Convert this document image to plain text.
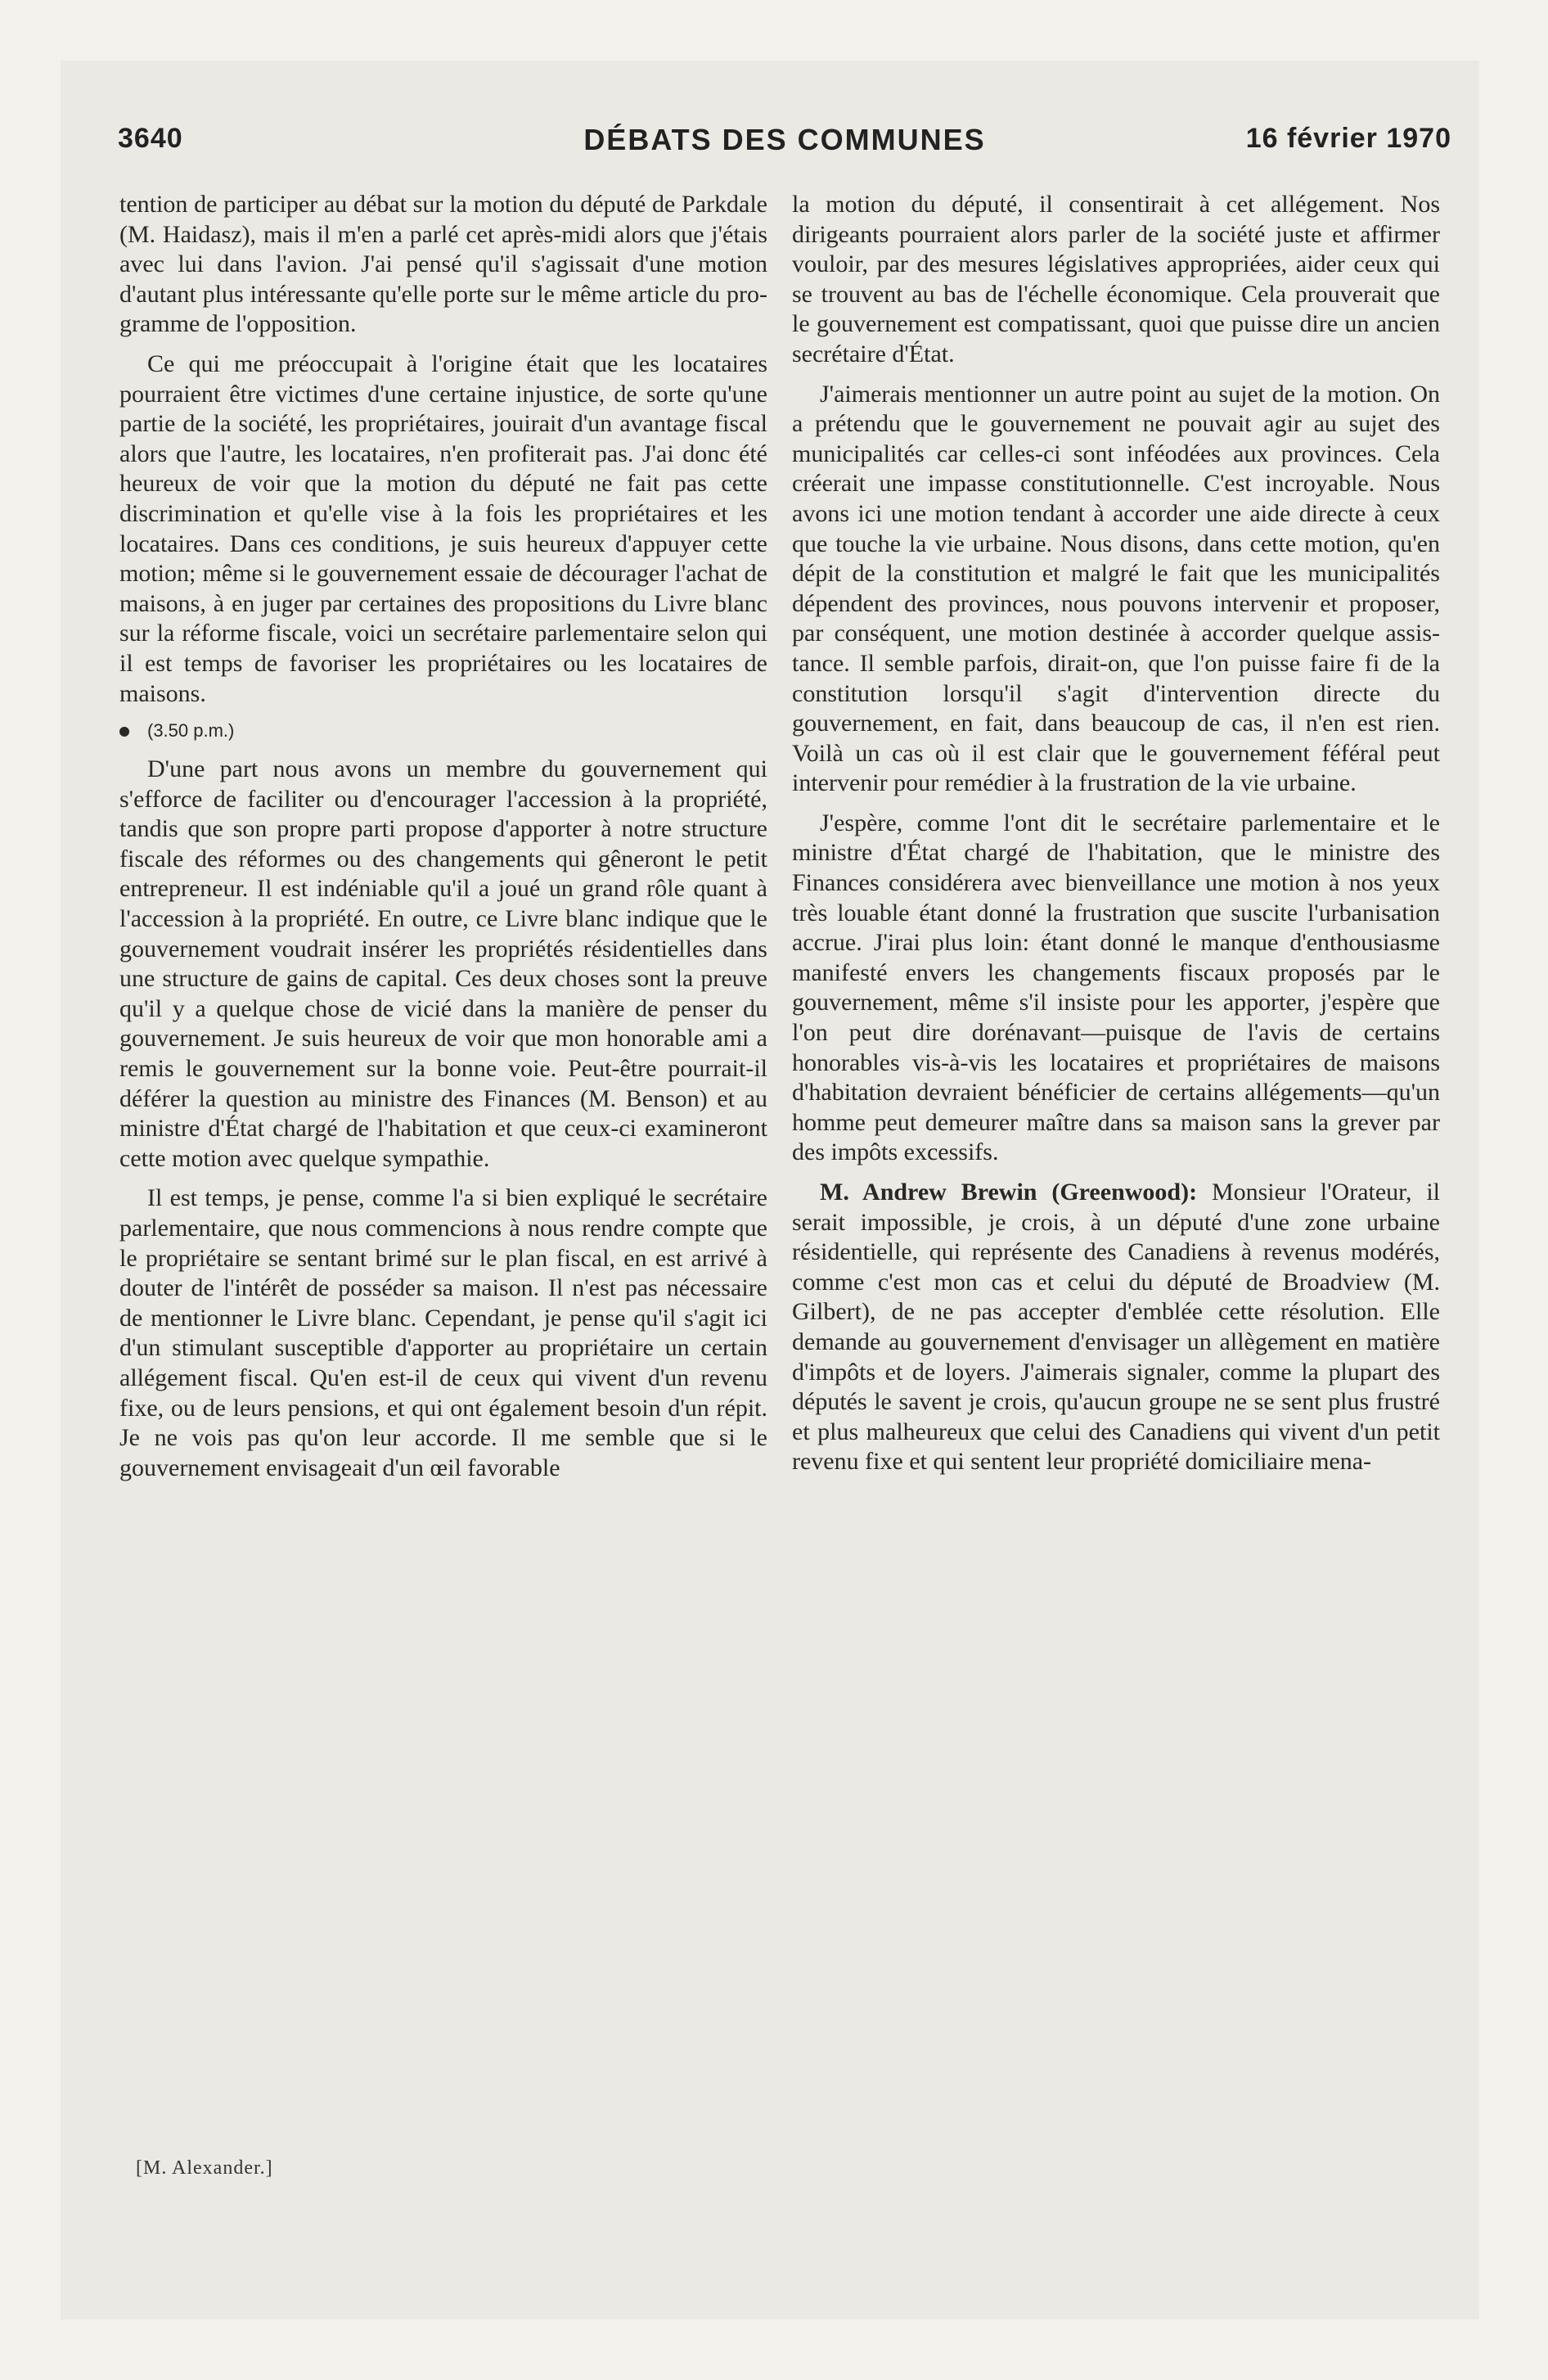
3640	DÉBATS DES COMMUNES	16 février 1970

tention de participer au débat sur la motion du député de Parkdale (M. Haidasz), mais il m'en a parlé cet après-midi alors que j'étais avec lui dans l'avion. J'ai pensé qu'il s'agissait d'une motion d'autant plus intéressante qu'elle porte sur le même article du programme de l'opposition.

Ce qui me préoccupait à l'origine était que les locataires pourraient être victimes d'une certaine injustice, de sorte qu'une partie de la société, les propriétaires, jouirait d'un avantage fiscal alors que l'autre, les locataires, n'en profiterait pas. J'ai donc été heureux de voir que la motion du député ne fait pas cette discrimination et qu'elle vise à la fois les propriétaires et les locataires. Dans ces conditions, je suis heureux d'appuyer cette motion; même si le gouvernement essaie de décourager l'achat de maisons, à en juger par certaines des propositions du Livre blanc sur la réforme fiscale, voici un secrétaire parlementaire selon qui il est temps de favoriser les propriétaires ou les locataires de maisons.

(3.50 p.m.)

D'une part nous avons un membre du gouvernement qui s'efforce de faciliter ou d'encourager l'accession à la propriété, tandis que son propre parti propose d'apporter à notre structure fiscale des réformes ou des changements qui gêneront le petit entrepreneur. Il est indéniable qu'il a joué un grand rôle quant à l'accession à la propriété. En outre, ce Livre blanc indique que le gouvernement voudrait insérer les propriétés résidentielles dans une structure de gains de capital. Ces deux choses sont la preuve qu'il y a quelque chose de vicié dans la manière de penser du gouvernement. Je suis heureux de voir que mon honorable ami a remis le gouvernement sur la bonne voie. Peut-être pourrait-il déférer la question au ministre des Finances (M. Benson) et au ministre d'État chargé de l'habitation et que ceux-ci examineront cette motion avec quelque sympathie.

Il est temps, je pense, comme l'a si bien expliqué le secrétaire parlementaire, que nous commencions à nous rendre compte que le propriétaire se sentant brimé sur le plan fiscal, en est arrivé à douter de l'intérêt de posséder sa maison. Il n'est pas nécessaire de mentionner le Livre blanc. Cependant, je pense qu'il s'agit ici d'un stimulant susceptible d'apporter au propriétaire un certain allégement fiscal. Qu'en est-il de ceux qui vivent d'un revenu fixe, ou de leurs pensions, et qui ont également besoin d'un répit. Je ne vois pas qu'on leur accorde. Il me semble que si le gouvernement envisageait d'un œil favorable

la motion du député, il consentirait à cet allégement. Nos dirigeants pourraient alors parler de la société juste et affirmer vouloir, par des mesures législatives appropriées, aider ceux qui se trouvent au bas de l'échelle économique. Cela prouverait que le gouvernement est compatissant, quoi que puisse dire un ancien secrétaire d'État.

J'aimerais mentionner un autre point au sujet de la motion. On a prétendu que le gouvernement ne pouvait agir au sujet des municipalités car celles-ci sont inféodées aux provinces. Cela créerait une impasse constitutionnelle. C'est incroyable. Nous avons ici une motion tendant à accorder une aide directe à ceux que touche la vie urbaine. Nous disons, dans cette motion, qu'en dépit de la constitution et malgré le fait que les municipalités dépendent des provinces, nous pouvons intervenir et proposer, par conséquent, une motion destinée à accorder quelque assistance. Il semble parfois, dirait-on, que l'on puisse faire fi de la constitution lorsqu'il s'agit d'intervention directe du gouvernement, en fait, dans beaucoup de cas, il n'en est rien. Voilà un cas où il est clair que le gouvernement féféral peut intervenir pour remédier à la frustration de la vie urbaine.

J'espère, comme l'ont dit le secrétaire parlementaire et le ministre d'État chargé de l'habitation, que le ministre des Finances considérera avec bienveillance une motion à nos yeux très louable étant donné la frustration que suscite l'urbanisation accrue. J'irai plus loin: étant donné le manque d'enthousiasme manifesté envers les changements fiscaux proposés par le gouvernement, même s'il insiste pour les apporter, j'espère que l'on peut dire dorénavant—puisque de l'avis de certains honorables vis-à-vis les locataires et propriétaires de maisons d'habitation devraient bénéficier de certains allégements—qu'un homme peut demeurer maître dans sa maison sans la grever par des impôts excessifs.

M. Andrew Brewin (Greenwood): Monsieur l'Orateur, il serait impossible, je crois, à un député d'une zone urbaine résidentielle, qui représente des Canadiens à revenus modérés, comme c'est mon cas et celui du député de Broadview (M. Gilbert), de ne pas accepter d'emblée cette résolution. Elle demande au gouvernement d'envisager un allègement en matière d'impôts et de loyers. J'aimerais signaler, comme la plupart des députés le savent je crois, qu'aucun groupe ne se sent plus frustré et plus malheureux que celui des Canadiens qui vivent d'un petit revenu fixe et qui sentent leur propriété domiciliaire mena-

[M. Alexander.]
